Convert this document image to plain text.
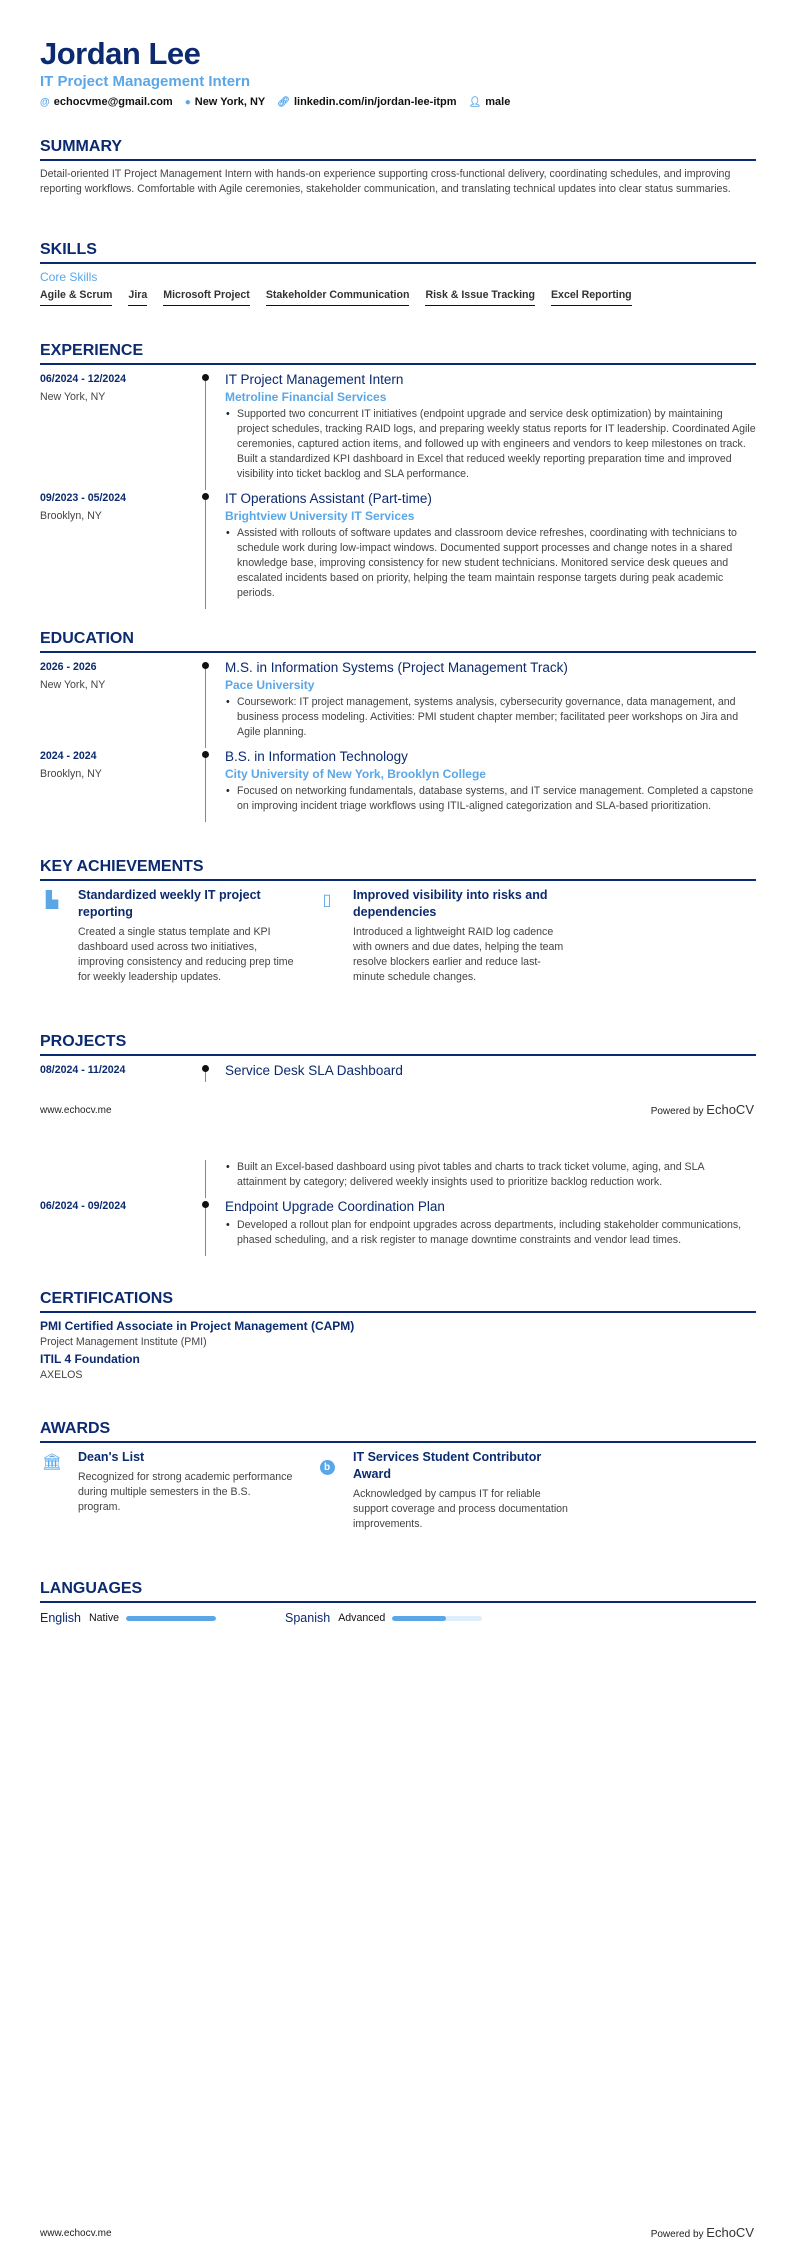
Jordan Lee
IT Project Management Intern
@ echocvme@gmail.com ● New York, NY 🔗︎ linkedin.com/in/jordan-lee-itpm 👤︎ male
SUMMARY

Detail-oriented IT Project Management Intern with hands-on experience supporting cross-functional delivery, coordinating schedules, and improving reporting workflows. Comfortable with Agile ceremonies, stakeholder communication, and translating technical updates into clear status summaries.

SKILLS
Core Skills
Agile & Scrum Jira Microsoft Project Stakeholder Communication Risk & Issue Tracking Excel Reporting
EXPERIENCE
06/2024 - 12/2024
New York, NY
IT Project Management Intern
Metroline Financial Services
• Supported two concurrent IT initiatives (endpoint upgrade and service desk optimization) by maintaining project schedules, tracking RAID logs, and preparing weekly status reports for IT leadership. Coordinated Agile ceremonies, captured action items, and followed up with engineers and vendors to keep milestones on track. Built a standardized KPI dashboard in Excel that reduced weekly reporting preparation time and improved visibility into ticket backlog and SLA performance.
09/2023 - 05/2024
Brooklyn, NY
IT Operations Assistant (Part-time)
Brightview University IT Services
• Assisted with rollouts of software updates and classroom device refreshes, coordinating with technicians to schedule work during low-impact windows. Documented support processes and change notes in a shared knowledge base, improving consistency for new student technicians. Monitored service desk queues and escalated incidents based on priority, helping the team maintain response targets during peak academic periods.
EDUCATION
2026 - 2026
New York, NY
M.S. in Information Systems (Project Management Track)
Pace University
• Coursework: IT project management, systems analysis, cybersecurity governance, data management, and business process modeling. Activities: PMI student chapter member; facilitated peer workshops on Jira and Agile planning.
2024 - 2024
Brooklyn, NY
B.S. in Information Technology
City University of New York, Brooklyn College
• Focused on networking fundamentals, database systems, and IT service management. Completed a capstone on improving incident triage workflows using ITIL-aligned categorization and SLA-based prioritization.
KEY ACHIEVEMENTS
▙	Standardized weekly IT project reporting
Created a single status template and KPI dashboard used across two initiatives, improving consistency and reducing prep time for weekly leadership updates.
▯	Improved visibility into risks and dependencies
Introduced a lightweight RAID log cadence with owners and due dates, helping the team resolve blockers earlier and reduce last-minute schedule changes.
PROJECTS
08/2024 - 11/2024	Service Desk SLA Dashboard
www.echocv.me	Powered by EchoCV
• Built an Excel-based dashboard using pivot tables and charts to track ticket volume, aging, and SLA attainment by category; delivered weekly insights used to prioritize backlog reduction work.
06/2024 - 09/2024	Endpoint Upgrade Coordination Plan
• Developed a rollout plan for endpoint upgrades across departments, including stakeholder communications, phased scheduling, and a risk register to manage downtime constraints and vendor lead times.
CERTIFICATIONS
PMI Certified Associate in Project Management (CAPM)
Project Management Institute (PMI)
ITIL 4 Foundation
AXELOS
AWARDS
🏛︎ Dean's List
Recognized for strong academic performance during multiple semesters in the B.S. program.
b
IT Services Student Contributor Award
Acknowledged by campus IT for reliable support coverage and process documentation improvements.
LANGUAGES
English Native	Spanish Advanced
www.echocv.me	Powered by EchoCV
